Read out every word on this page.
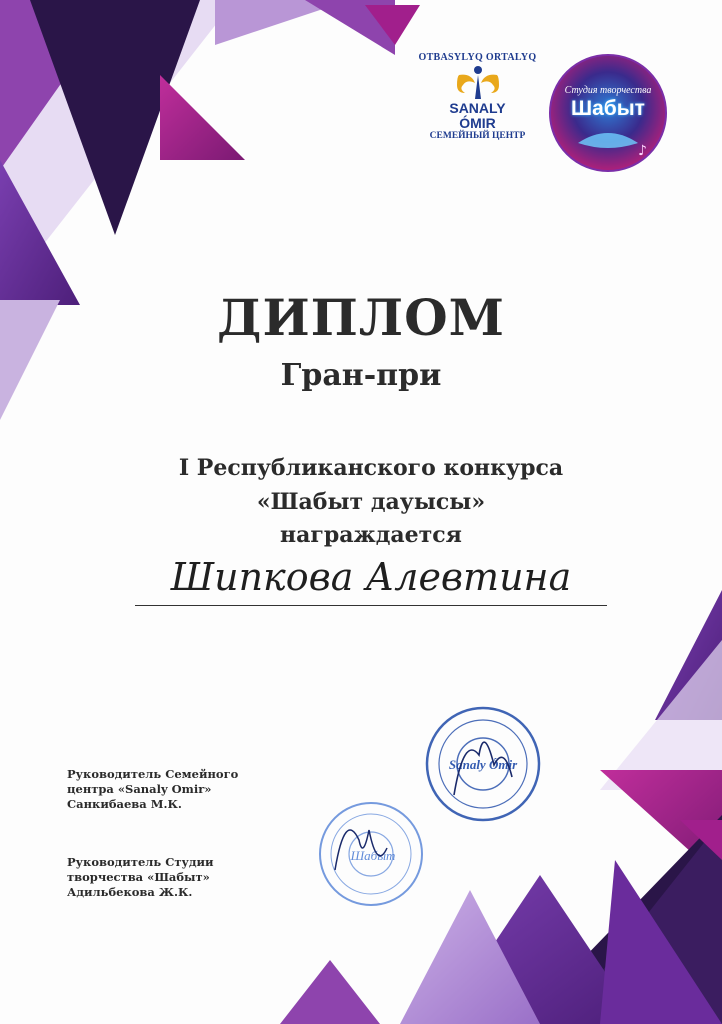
OTBASYLYQ ORTALYQ
SANALY
ÓMIR
СЕМЕЙНЫЙ ЦЕНТР
♪
Студия творчества
Шабыт
ДИПЛОМ
Гран-при
I Республиканского конкурса
«Шабыт дауысы»
награждается
Шипкова Алевтина
Руководитель Семейного
центра «Sanaly Omir»
Санкибаева М.К.
Руководитель Студии
творчества «Шабыт»
Адильбекова Ж.К.
Sanaly Ómir
Шабыт
